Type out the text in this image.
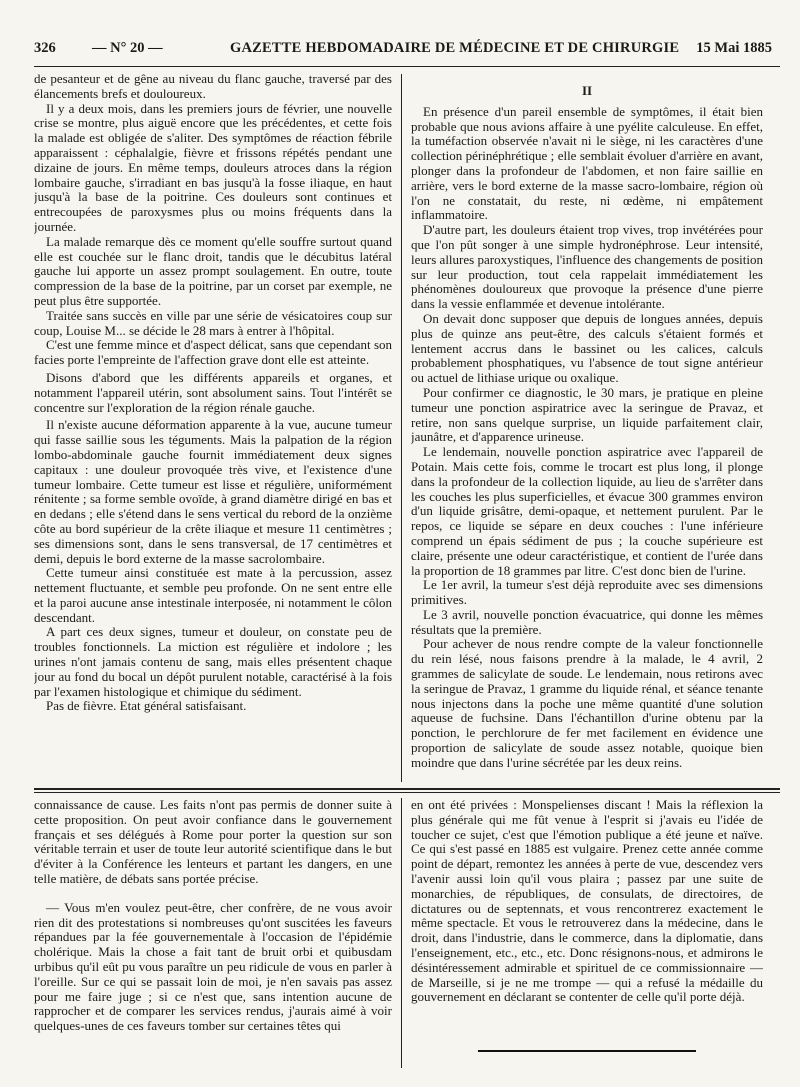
326	— N° 20 —	GAZETTE HEBDOMADAIRE DE MÉDECINE ET DE CHIRURGIE 15 Mai 1885

de pesanteur et de gêne au niveau du flanc gauche, traversé par des élancements brefs et douloureux.

Il y a deux mois, dans les premiers jours de février, une nouvelle crise se montre, plus aiguë encore que les précédentes, et cette fois la malade est obligée de s'aliter. Des symptômes de réaction fébrile apparaissent : céphalalgie, fièvre et frissons répétés pendant une dizaine de jours. En même temps, douleurs atroces dans la région lombaire gauche, s'irradiant en bas jusqu'à la fosse iliaque, en haut jusqu'à la base de la poitrine. Ces douleurs sont continues et entrecoupées de paroxysmes plus ou moins fréquents dans la journée.

La malade remarque dès ce moment qu'elle souffre surtout quand elle est couchée sur le flanc droit, tandis que le décubitus latéral gauche lui apporte un assez prompt soulagement. En outre, toute compression de la base de la poitrine, par un corset par exemple, ne peut plus être supportée.

Traitée sans succès en ville par une série de vésicatoires coup sur coup, Louise M... se décide le 28 mars à entrer à l'hôpital.

C'est une femme mince et d'aspect délicat, sans que cependant son facies porte l'empreinte de l'affection grave dont elle est atteinte.

Disons d'abord que les différents appareils et organes, et notamment l'appareil utérin, sont absolument sains. Tout l'intérêt se concentre sur l'exploration de la région rénale gauche.

Il n'existe aucune déformation apparente à la vue, aucune tumeur qui fasse saillie sous les téguments. Mais la palpation de la région lombo-abdominale gauche fournit immédiatement deux signes capitaux : une douleur provoquée très vive, et l'existence d'une tumeur lombaire. Cette tumeur est lisse et régulière, uniformément rénitente ; sa forme semble ovoïde, à grand diamètre dirigé en bas et en dedans ; elle s'étend dans le sens vertical du rebord de la onzième côte au bord supérieur de la crête iliaque et mesure 11 centimètres ; ses dimensions sont, dans le sens transversal, de 17 centimètres et demi, depuis le bord externe de la masse sacrolombaire.

Cette tumeur ainsi constituée est mate à la percussion, assez nettement fluctuante, et semble peu profonde. On ne sent entre elle et la paroi aucune anse intestinale interposée, ni notamment le côlon descendant.

A part ces deux signes, tumeur et douleur, on constate peu de troubles fonctionnels. La miction est régulière et indolore ; les urines n'ont jamais contenu de sang, mais elles présentent chaque jour au fond du bocal un dépôt purulent notable, caractérisé à la fois par l'examen histologique et chimique du sédiment.

Pas de fièvre. Etat général satisfaisant.

II

En présence d'un pareil ensemble de symptômes, il était bien probable que nous avions affaire à une pyélite calculeuse. En effet, la tuméfaction observée n'avait ni le siège, ni les caractères d'une collection périnéphrétique ; elle semblait évoluer d'arrière en avant, plonger dans la profondeur de l'abdomen, et non faire saillie en arrière, vers le bord externe de la masse sacro-lombaire, région où l'on ne constatait, du reste, ni œdème, ni empâtement inflammatoire.

D'autre part, les douleurs étaient trop vives, trop invétérées pour que l'on pût songer à une simple hydronéphrose. Leur intensité, leurs allures paroxystiques, l'influence des changements de position sur leur production, tout cela rappelait immédiatement les phénomènes douloureux que provoque la présence d'une pierre dans la vessie enflammée et devenue intolérante.

On devait donc supposer que depuis de longues années, depuis plus de quinze ans peut-être, des calculs s'étaient formés et lentement accrus dans le bassinet ou les calices, calculs probablement phosphatiques, vu l'absence de tout signe antérieur ou actuel de lithiase urique ou oxalique.

Pour confirmer ce diagnostic, le 30 mars, je pratique en pleine tumeur une ponction aspiratrice avec la seringue de Pravaz, et retire, non sans quelque surprise, un liquide parfaitement clair, jaunâtre, et d'apparence urineuse.

Le lendemain, nouvelle ponction aspiratrice avec l'appareil de Potain. Mais cette fois, comme le trocart est plus long, il plonge dans la profondeur de la collection liquide, au lieu de s'arrêter dans les couches les plus superficielles, et évacue 300 grammes environ d'un liquide grisâtre, demi-opaque, et nettement purulent. Par le repos, ce liquide se sépare en deux couches : l'une inférieure comprend un épais sédiment de pus ; la couche supérieure est claire, présente une odeur caractéristique, et contient de l'urée dans la proportion de 18 grammes par litre. C'est donc bien de l'urine.

Le 1er avril, la tumeur s'est déjà reproduite avec ses dimensions primitives.

Le 3 avril, nouvelle ponction évacuatrice, qui donne les mêmes résultats que la première.

Pour achever de nous rendre compte de la valeur fonctionnelle du rein lésé, nous faisons prendre à la malade, le 4 avril, 2 grammes de salicylate de soude. Le lendemain, nous retirons avec la seringue de Pravaz, 1 gramme du liquide rénal, et séance tenante nous injectons dans la poche une même quantité d'une solution aqueuse de fuchsine. Dans l'échantillon d'urine obtenu par la ponction, le perchlorure de fer met facilement en évidence une proportion de salicylate de soude assez notable, quoique bien moindre que dans l'urine sécrétée par les deux reins.

connaissance de cause. Les faits n'ont pas permis de donner suite à cette proposition. On peut avoir confiance dans le gouvernement français et ses délégués à Rome pour porter la question sur son véritable terrain et user de toute leur autorité scientifique dans le but d'éviter à la Conférence les lenteurs et partant les dangers, en une telle matière, de débats sans portée précise.

— Vous m'en voulez peut-être, cher confrère, de ne vous avoir rien dit des protestations si nombreuses qu'ont suscitées les faveurs répandues par la fée gouvernementale à l'occasion de l'épidémie cholérique. Mais la chose a fait tant de bruit orbi et quibusdam urbibus qu'il eût pu vous paraître un peu ridicule de vous en parler à l'oreille. Sur ce qui se passait loin de moi, je n'en savais pas assez pour me faire juge ; si ce n'est que, sans intention aucune de rapprocher et de comparer les services rendus, j'aurais aimé à voir quelques-unes de ces faveurs tomber sur certaines têtes qui

en ont été privées : Monspelienses discant ! Mais la réflexion la plus générale qui me fût venue à l'esprit si j'avais eu l'idée de toucher ce sujet, c'est que l'émotion publique a été jeune et naïve. Ce qui s'est passé en 1885 est vulgaire. Prenez cette année comme point de départ, remontez les années à perte de vue, descendez vers l'avenir aussi loin qu'il vous plaira ; passez par une suite de monarchies, de républiques, de consulats, de directoires, de dictatures ou de septennats, et vous rencontrerez exactement le même spectacle. Et vous le retrouverez dans la médecine, dans le droit, dans l'industrie, dans le commerce, dans la diplomatie, dans l'enseignement, etc., etc., etc. Donc résignons-nous, et admirons le désintéressement admirable et spirituel de ce commissionnaire — de Marseille, si je ne me trompe — qui a refusé la médaille du gouvernement en déclarant se contenter de celle qu'il porte déjà.
